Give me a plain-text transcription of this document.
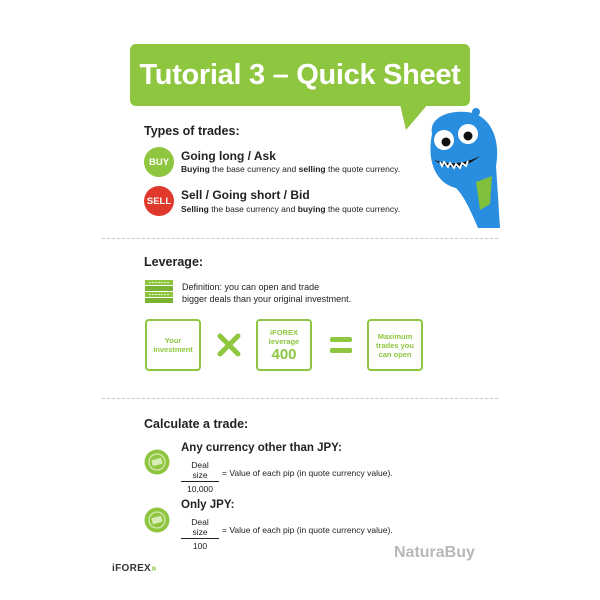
Tutorial 3 – Quick Sheet
Types of trades:
BUY Going long / Ask
Buying the base currency and selling the quote currency.
SELL Sell / Going short / Bid
Selling the base currency and buying the quote currency.
Leverage:
Definition: you can open and trade
bigger deals than your original investment.
Your
investment
iFOREX
leverage
400
Maximum
trades you
can open
Calculate a trade:
Any currency other than JPY:
Deal size
10,000
= Value of each pip (in quote currency value).
Only JPY:
Deal size
100
= Value of each pip (in quote currency value).
iFOREX»
NaturaBuy
